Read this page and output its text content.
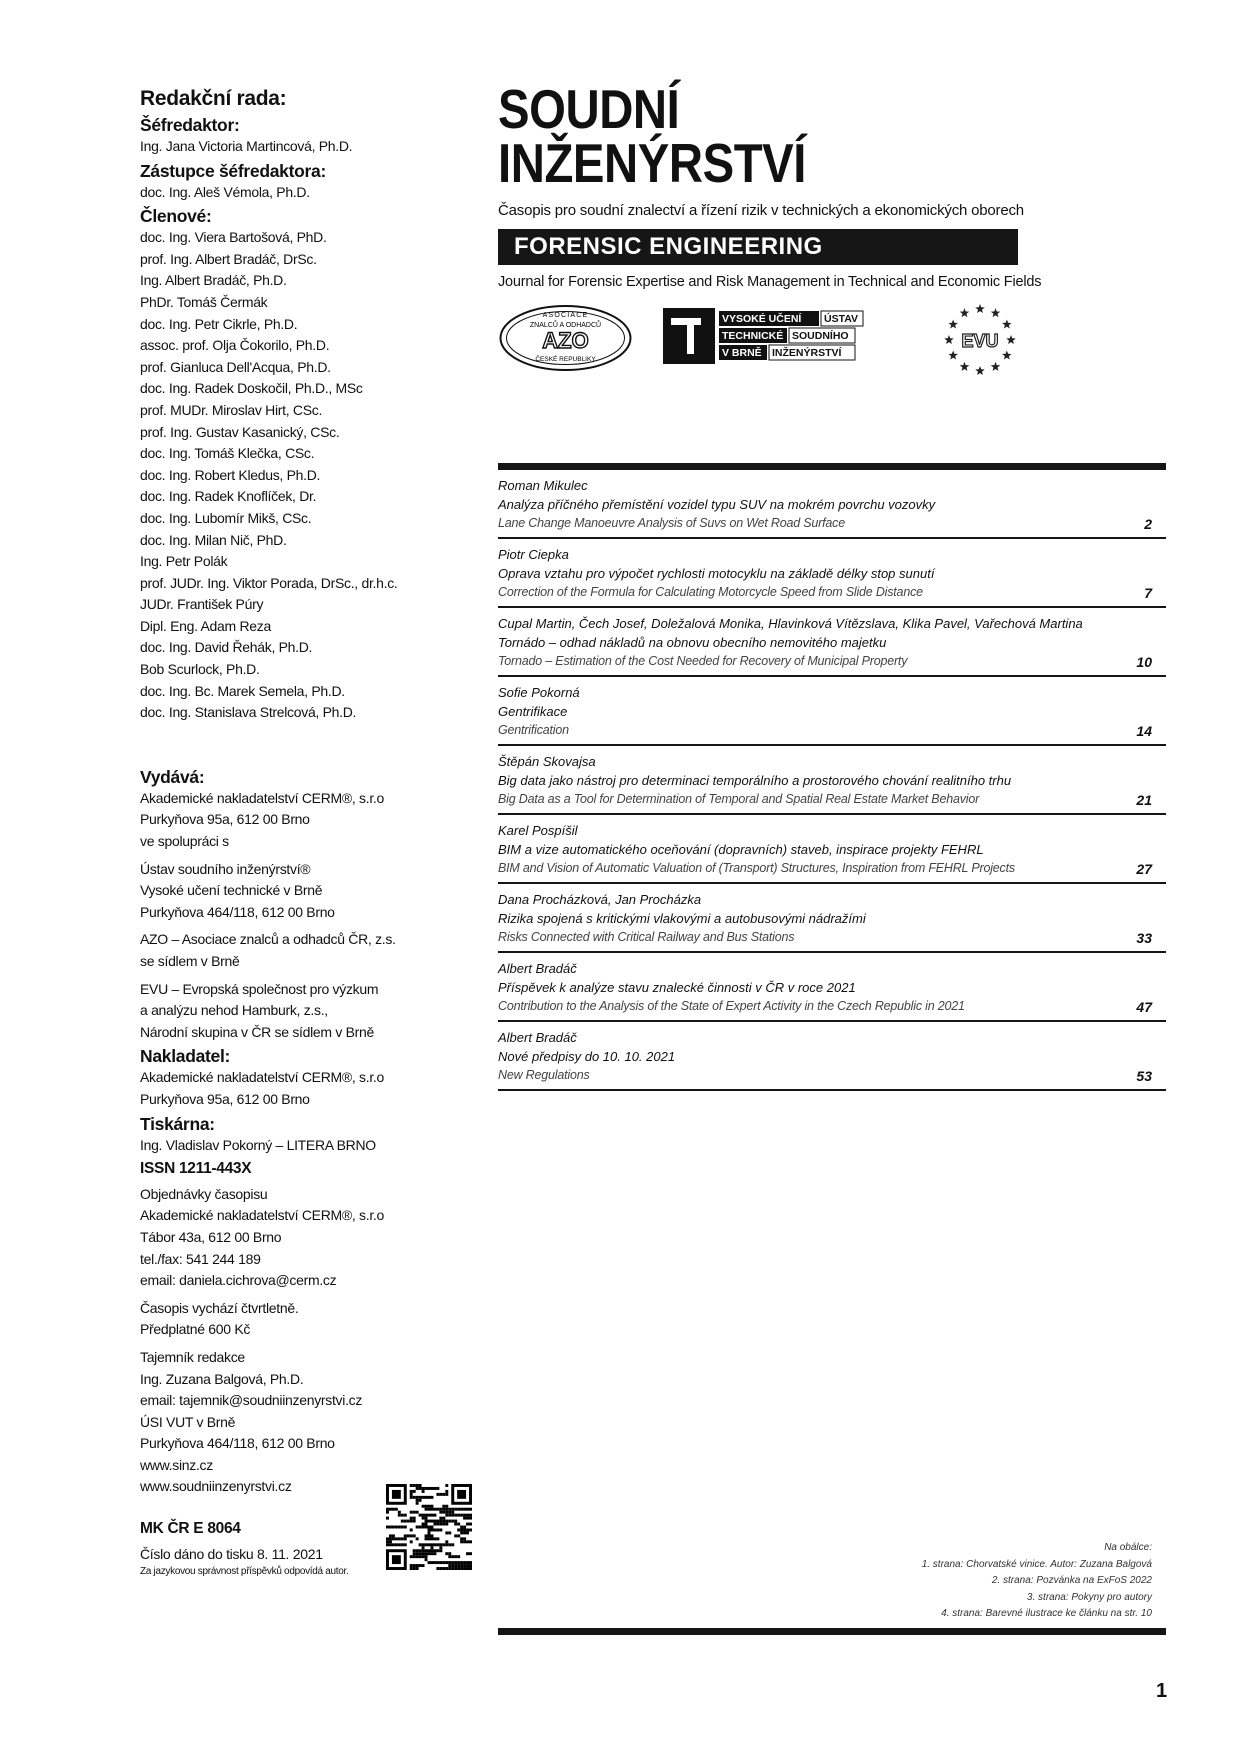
Redakční rada:
Šéfredaktor:
Ing. Jana Victoria Martincová, Ph.D.
Zástupce šéfredaktora:
doc. Ing. Aleš Vémola, Ph.D.
Členové:
doc. Ing. Viera Bartošová, PhD.
prof. Ing. Albert Bradáč, DrSc.
Ing. Albert Bradáč, Ph.D.
PhDr. Tomáš Čermák
doc. Ing. Petr Cikrle, Ph.D.
assoc. prof. Olja Čokorilo, Ph.D.
prof. Gianluca Dell'Acqua, Ph.D.
doc. Ing. Radek Doskočil, Ph.D., MSc
prof. MUDr. Miroslav Hirt, CSc.
prof. Ing. Gustav Kasanický, CSc.
doc. Ing. Tomáš Klečka, CSc.
doc. Ing. Robert Kledus, Ph.D.
doc. Ing. Radek Knoflíček, Dr.
doc. Ing. Lubomír Mikš, CSc.
doc. Ing. Milan Nič, PhD.
Ing. Petr Polák
prof. JUDr. Ing. Viktor Porada, DrSc., dr.h.c.
JUDr. František Púry
Dipl. Eng. Adam Reza
doc. Ing. David Řehák, Ph.D.
Bob Scurlock, Ph.D.
doc. Ing. Bc. Marek Semela, Ph.D.
doc. Ing. Stanislava Strelcová, Ph.D.
Vydává:
Akademické nakladatelství CERM®, s.r.o
Purkyňova 95a, 612 00 Brno
ve spolupráci s
Ústav soudního inženýrství®
Vysoké učení technické v Brně
Purkyňova 464/118, 612 00 Brno
AZO – Asociace znalců a odhadců ČR, z.s.
se sídlem v Brně
EVU – Evropská společnost pro výzkum
a analýzu nehod Hamburk, z.s.,
Národní skupina v ČR se sídlem v Brně
Nakladatel:
Akademické nakladatelství CERM®, s.r.o
Purkyňova 95a, 612 00 Brno
Tiskárna:
Ing. Vladislav Pokorný – LITERA BRNO
ISSN 1211-443X
Objednávky časopisu
Akademické nakladatelství CERM®, s.r.o
Tábor 43a, 612 00 Brno
tel./fax: 541 244 189
email: daniela.cichrova@cerm.cz
Časopis vychází čtvrtletně.
Předplatné 600 Kč
Tajemník redakce
Ing. Zuzana Balgová, Ph.D.
email: tajemnik@soudniinzenyrstvi.cz
ÚSI VUT v Brně
Purkyňova 464/118, 612 00 Brno
www.sinz.cz
www.soudniinzenyrstvi.cz
MK ČR E 8064
Číslo dáno do tisku 8. 11. 2021
Za jazykovou správnost příspěvků odpovídá autor.
SOUDNÍ
INŽENÝRSTVÍ
Časopis pro soudní znalectví a řízení rizik v technických a ekonomických oborech
FORENSIC ENGINEERING
Journal for Forensic Expertise and Risk Management in Technical and Economic Fields
ASOCIACE
ZNALCŮ A ODHADCŮ
AZO
ČESKÉ REPUBLIKY
VYSOKÉ UČENÍ ÚSTAV
TECHNICKÉ SOUDNÍHO
V BRNĚ INŽENÝRSTVÍ
EVU
Roman Mikulec
Analýza příčného přemístění vozidel typu SUV na mokrém povrchu vozovky
Lane Change Manoeuvre Analysis of Suvs on Wet Road Surface	2
Piotr Ciepka
Oprava vztahu pro výpočet rychlosti motocyklu na základě délky stop sunutí
Correction of the Formula for Calculating Motorcycle Speed from Slide Distance	7
Cupal Martin, Čech Josef, Doležalová Monika, Hlavinková Vítězslava, Klika Pavel, Vařechová Martina
Tornádo – odhad nákladů na obnovu obecního nemovitého majetku
Tornado – Estimation of the Cost Needed for Recovery of Municipal Property	10
Sofie Pokorná
Gentrifikace
Gentrification	14
Štěpán Skovajsa
Big data jako nástroj pro determinaci temporálního a prostorového chování realitního trhu
Big Data as a Tool for Determination of Temporal and Spatial Real Estate Market Behavior	21
Karel Pospíšil
BIM a vize automatického oceňování (dopravních) staveb, inspirace projekty FEHRL
BIM and Vision of Automatic Valuation of (Transport) Structures, Inspiration from FEHRL Projects	27
Dana Procházková, Jan Procházka
Rizika spojená s kritickými vlakovými a autobusovými nádražími
Risks Connected with Critical Railway and Bus Stations	33
Albert Bradáč
Příspěvek k analýze stavu znalecké činnosti v ČR v roce 2021
Contribution to the Analysis of the State of Expert Activity in the Czech Republic in 2021	47
Albert Bradáč
Nové předpisy do 10. 10. 2021
New Regulations	53
Na obálce:
1. strana: Chorvatské vinice. Autor: Zuzana Balgová
2. strana: Pozvánka na ExFoS 2022
3. strana: Pokyny pro autory
4. strana: Barevné ilustrace ke článku na str. 10
1
